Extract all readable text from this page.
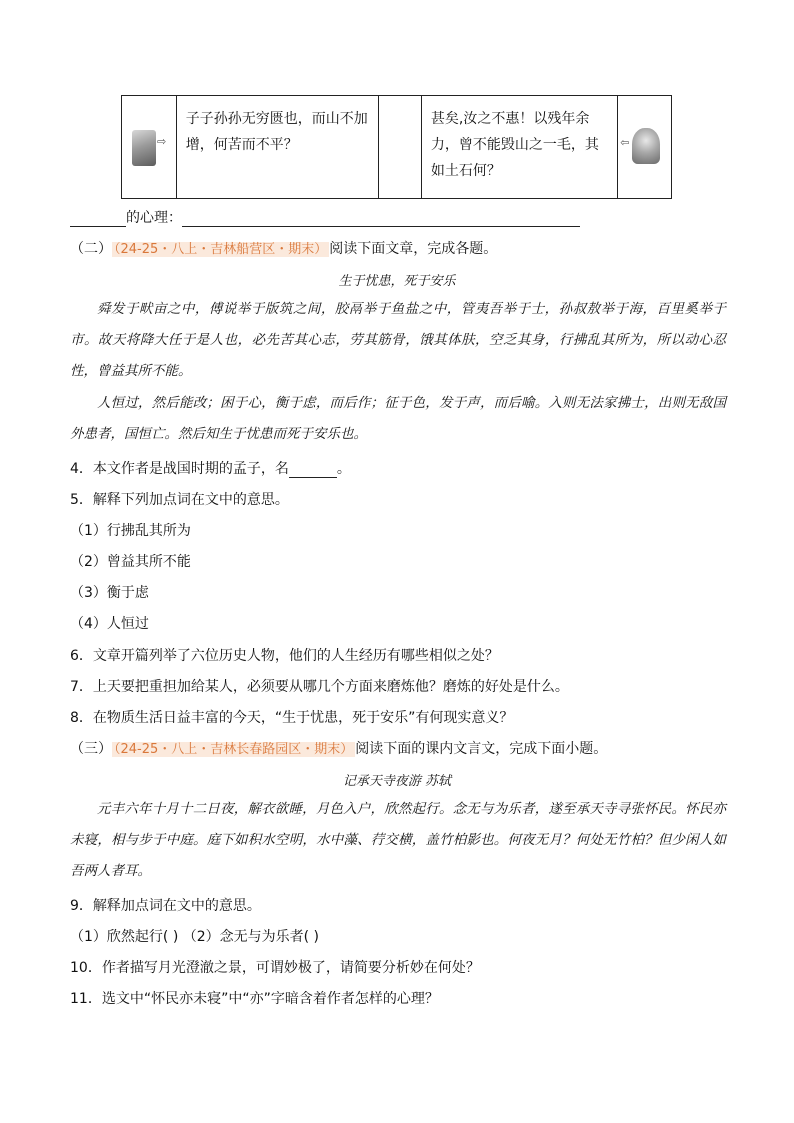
⇨
子子孙孙无穷匮也，而山不加增，何苦而不平？
甚矣,汝之不惠！以残年余力，曾不能毁山之一毛，其如土石何？
⇦
的心理：
（二） （24-25・八上・吉林船营区・期末） 阅读下面文章，完成各题。
生于忧患，死于安乐
舜发于畎亩之中，傅说举于版筑之间，胶鬲举于鱼盐之中，管夷吾举于士，孙叔敖举于海，百里奚举于市。故天将降大任于是人也，必先苦其心志，劳其筋骨，饿其体肤，空乏其身，行拂乱其所为，所以动心忍性，曾益其所不能。
人恒过，然后能改；困于心，衡于虑，而后作；征于色，发于声，而后喻。入则无法家拂士，出则无敌国外患者，国恒亡。然后知生于忧患而死于安乐也。
4．本文作者是战国时期的孟子，名	。
5．解释下列加点词在文中的意思。
（1）行拂乱其所为
（2）曾益其所不能
（3）衡于虑
（4）人恒过
6．文章开篇列举了六位历史人物，他们的人生经历有哪些相似之处？
7．上天要把重担加给某人，必须要从哪几个方面来磨炼他？磨炼的好处是什么。
8．在物质生活日益丰富的今天，“生于忧患，死于安乐”有何现实意义？
（三） （24-25・八上・吉林长春路园区・期末） 阅读下面的课内文言文，完成下面小题。
记承天寺夜游 苏轼
元丰六年十月十二日夜，解衣欲睡，月色入户，欣然起行。念无与为乐者，遂至承天寺寻张怀民。怀民亦未寝，相与步于中庭。庭下如积水空明，水中藻、荇交横，盖竹柏影也。何夜无月？何处无竹柏？但少闲人如吾两人者耳。
9．解释加点词在文中的意思。
（1）欣然起行( ) （2）念无与为乐者( )
10．作者描写月光澄澈之景，可谓妙极了，请简要分析妙在何处？
11．选文中“怀民亦未寝”中“亦”字暗含着作者怎样的心理？
